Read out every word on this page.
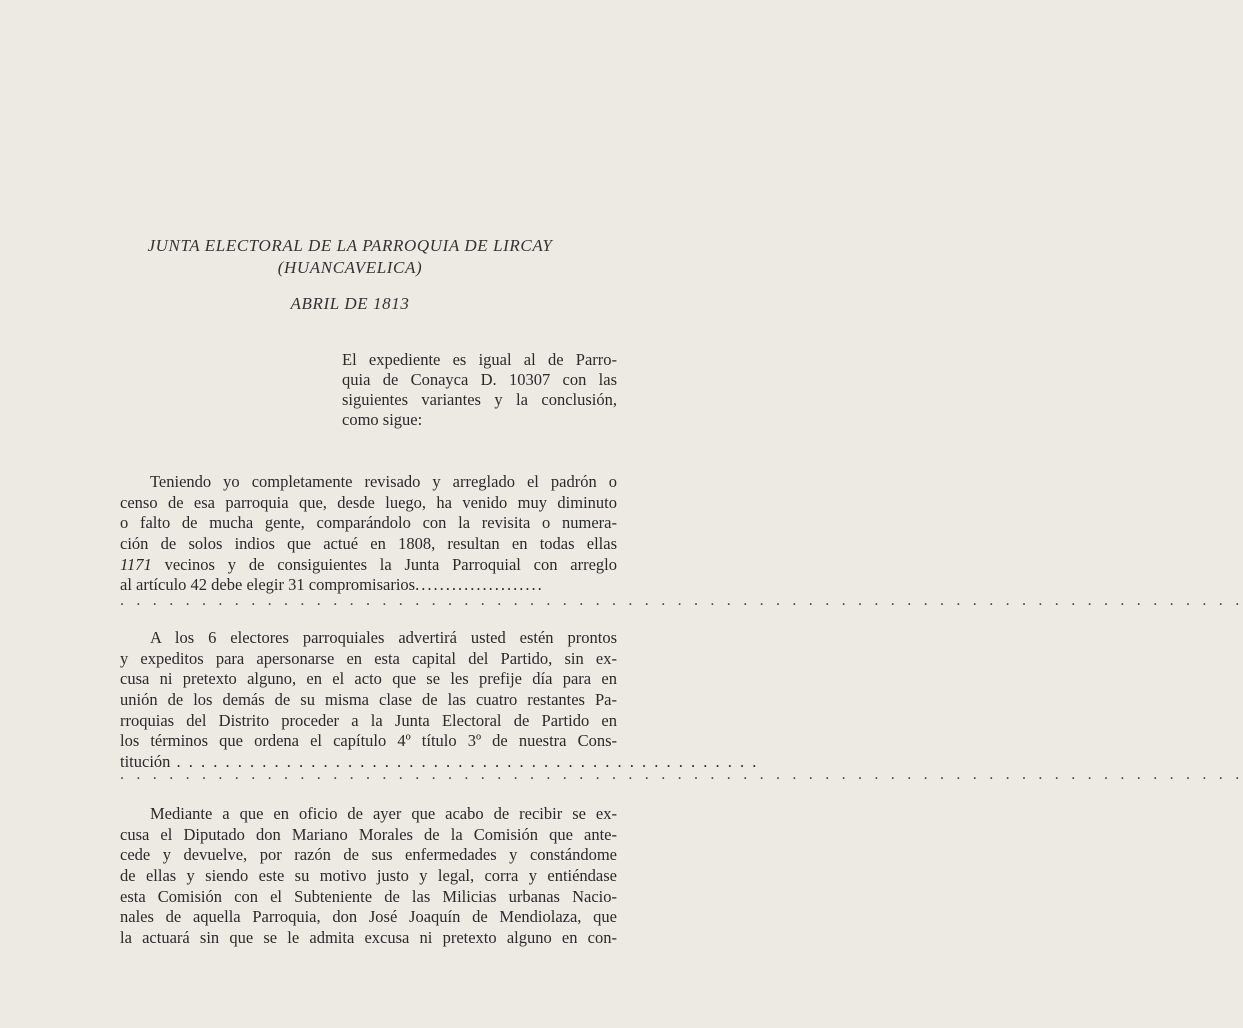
JUNTA ELECTORAL DE LA PARROQUIA DE LIRCAY
(HUANCAVELICA)
ABRIL DE 1813
El expediente es igual al de Parro-
quia de Conayca D. 10307 con las
siguientes variantes y la conclusión,
como sigue:
Teniendo yo completamente revisado y arreglado el padrón o
censo de esa parroquia que, desde luego, ha venido muy diminuto
o falto de mucha gente, comparándolo con la revisita o numera-
ción de solos indios que actué en 1808, resultan en todas ellas
1171 vecinos y de consiguientes la Junta Parroquial con arreglo
al artículo 42 debe elegir 31 compromisarios.....................
. . . . . . . . . . . . . . . . . . . . . . . . . . . . . . . . . . . . . . . . . . . . . . . . . . . . . . . . . . . . . . . . . . . . .
A los 6 electores parroquiales advertirá usted estén prontos
y expeditos para apersonarse en esta capital del Partido, sin ex-
cusa ni pretexto alguno, en el acto que se les prefije día para en
unión de los demás de su misma clase de las cuatro restantes Pa-
rroquias del Distrito proceder a la Junta Electoral de Partido en
los términos que ordena el capítulo 4º título 3º de nuestra Cons-
titución . . . . . . . . . . . . . . . . . . . . . . . . . . . . . . . . . . . . . . . . . . . . . . . .
. . . . . . . . . . . . . . . . . . . . . . . . . . . . . . . . . . . . . . . . . . . . . . . . . . . . . . . . . . . . . . . . . . . . .
Mediante a que en oficio de ayer que acabo de recibir se ex-
cusa el Diputado don Mariano Morales de la Comisión que ante-
cede y devuelve, por razón de sus enfermedades y constándome
de ellas y siendo este su motivo justo y legal, corra y entiéndase
esta Comisión con el Subteniente de las Milicias urbanas Nacio-
nales de aquella Parroquia, don José Joaquín de Mendiolaza, que
la actuará sin que se le admita excusa ni pretexto alguno en con-
